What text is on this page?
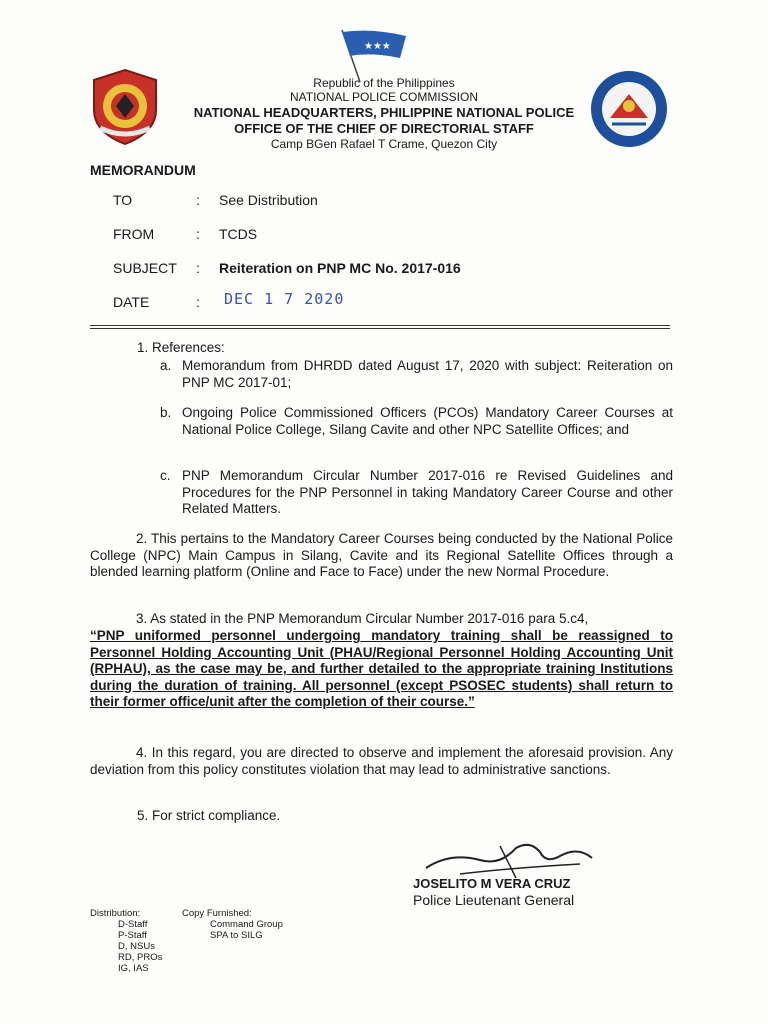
★★★
Republic of the Philippines
NATIONAL POLICE COMMISSION
NATIONAL HEADQUARTERS, PHILIPPINE NATIONAL POLICE
OFFICE OF THE CHIEF OF DIRECTORIAL STAFF
Camp BGen Rafael T Crame, Quezon City
MEMORANDUM
TO	: See Distribution
FROM	: TCDS
SUBJECT : Reiteration on PNP MC No. 2017-016
DATE	: DEC 1 7 2020
1. References:
a. Memorandum from DHRDD dated August 17, 2020 with subject: Reiteration on PNP MC 2017-01;
b. Ongoing Police Commissioned Officers (PCOs) Mandatory Career Courses at National Police College, Silang Cavite and other NPC Satellite Offices; and
c. PNP Memorandum Circular Number 2017-016 re Revised Guidelines and Procedures for the PNP Personnel in taking Mandatory Career Course and other Related Matters.
2. This pertains to the Mandatory Career Courses being conducted by the National Police College (NPC) Main Campus in Silang, Cavite and its Regional Satellite Offices through a blended learning platform (Online and Face to Face) under the new Normal Procedure.
3. As stated in the PNP Memorandum Circular Number 2017-016 para 5.c4,
“PNP uniformed personnel undergoing mandatory training shall be reassigned to Personnel Holding Accounting Unit (PHAU/Regional Personnel Holding Accounting Unit (RPHAU), as the case may be, and further detailed to the appropriate training Institutions during the duration of training. All personnel (except PSOSEC students) shall return to their former office/unit after the completion of their course.”
4. In this regard, you are directed to observe and implement the aforesaid provision. Any deviation from this policy constitutes violation that may lead to administrative sanctions.
5. For strict compliance.
JOSELITO M VERA CRUZ
Police Lieutenant General
Distribution:
D-Staff
P-Staff
D, NSUs
RD, PROs
IG, IAS
Copy Furnished:
Command Group
SPA to SILG
